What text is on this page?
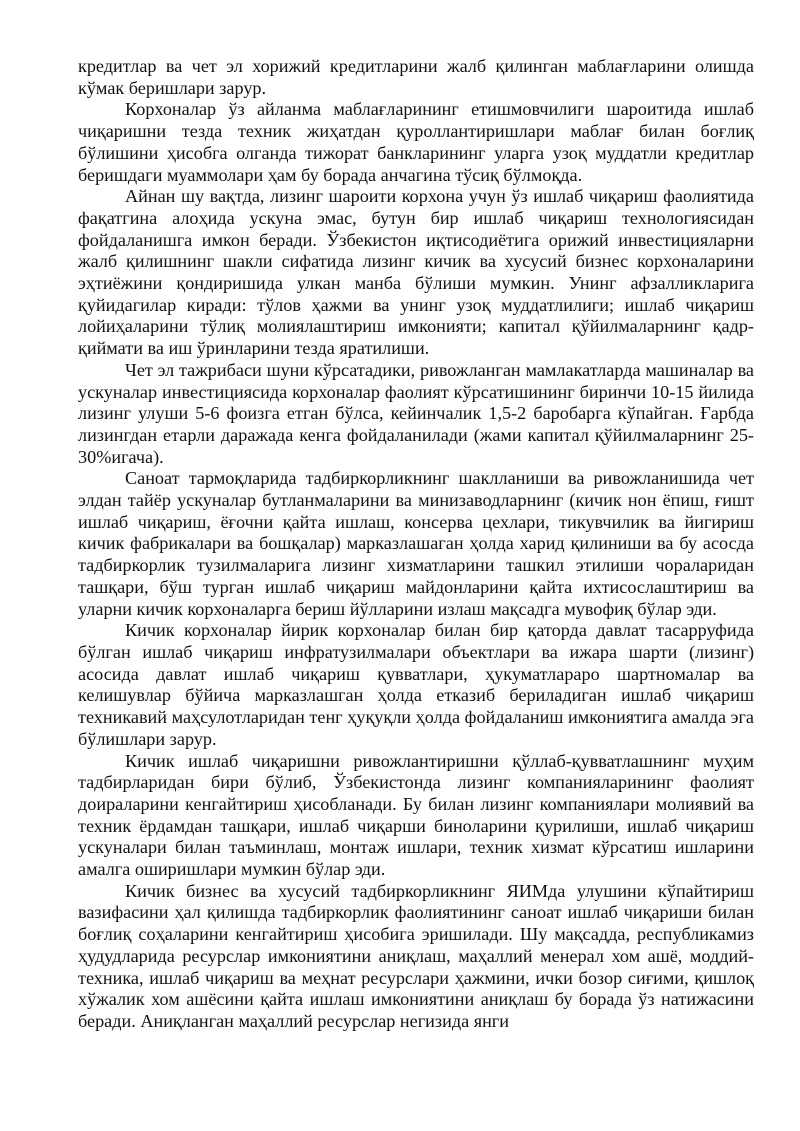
кредитлар ва чет эл хорижий кредитларини жалб қилинган маблағларини олишда кўмак беришлари зарур.

Корхоналар ўз айланма маблағларининг етишмовчилиги шароитида ишлаб чиқаришни тезда техник жиҳатдан қуроллантиришлари маблағ билан боғлиқ бўлишини ҳисобга олганда тижорат банкларининг уларга узоқ муддатли кредитлар беришдаги муаммолари ҳам бу борада анчагина тўсиқ бўлмоқда.

Айнан шу вақтда, лизинг шароити корхона учун ўз ишлаб чиқариш фаолиятида фақатгина алоҳида ускуна эмас, бутун бир ишлаб чиқариш технологиясидан фойдаланишга имкон беради. Ўзбекистон иқтисодиётига орижий инвестицияларни жалб қилишнинг шакли сифатида лизинг кичик ва хусусий бизнес корхоналарини эҳтиёжини қондиришида улкан манба бўлиши мумкин. Унинг афзалликларига қуйидагилар киради: тўлов ҳажми ва унинг узоқ муддатлилиги; ишлаб чиқариш лойиҳаларини тўлиқ молиялаштириш имконияти; капитал қўйилмаларнинг қадр-қиймати ва иш ўринларини тезда яратилиши.

Чет эл тажрибаси шуни кўрсатадики, ривожланган мамлакатларда машиналар ва ускуналар инвестициясида корхоналар фаолият кўрсатишининг биринчи 10-15 йилида лизинг улуши 5-6 фоизга етган бўлса, кейинчалик 1,5-2 баробарга кўпайган. Ғарбда лизингдан етарли даражада кенга фойдаланилади (жами капитал қўйилмаларнинг 25-30%игача).

Саноат тармоқларида тадбиркорликнинг шаклланиши ва ривожланишида чет элдан тайёр ускуналар бутланмаларини ва минизаводларнинг (кичик нон ёпиш, ғишт ишлаб чиқариш, ёғочни қайта ишлаш, консерва цехлари, тикувчилик ва йигириш кичик фабрикалари ва бошқалар) марказлашаган ҳолда харид қилиниши ва бу асосда тадбиркорлик тузилмаларига лизинг хизматларини ташкил этилиши чораларидан ташқари, бўш турган ишлаб чиқариш майдонларини қайта ихтисослаштириш ва уларни кичик корхоналарга бериш йўлларини излаш мақсадга мувофиқ бўлар эди.

Кичик корхоналар йирик корхоналар билан бир қаторда давлат тасарруфида бўлган ишлаб чиқариш инфратузилмалари объектлари ва ижара шарти (лизинг) асосида давлат ишлаб чиқариш қувватлари, ҳукуматлараро шартномалар ва келишувлар бўйича марказлашган ҳолда етказиб бериладиган ишлаб чиқариш техникавий маҳсулотларидан тенг ҳуқуқли ҳолда фойдаланиш имкониятига амалда эга бўлишлари зарур.

Кичик ишлаб чиқаришни ривожлантиришни қўллаб-қувватлашнинг муҳим тадбирларидан бири бўлиб, Ўзбекистонда лизинг компанияларининг фаолият доираларини кенгайтириш ҳисобланади. Бу билан лизинг компаниялари молиявий ва техник ёрдамдан ташқари, ишлаб чиқарши биноларини қурилиши, ишлаб чиқариш ускуналари билан таъминлаш, монтаж ишлари, техник хизмат кўрсатиш ишларини амалга оширишлари мумкин бўлар эди.

Кичик бизнес ва хусусий тадбиркорликнинг ЯИМда улушини кўпайтириш вазифасини ҳал қилишда тадбиркорлик фаолиятининг саноат ишлаб чиқариши билан боғлиқ соҳаларини кенгайтириш ҳисобига эришилади. Шу мақсадда, республикамиз ҳудудларида ресурслар имкониятини аниқлаш, маҳаллий менерал хом ашё, моддий-техника, ишлаб чиқариш ва меҳнат ресурслари ҳажмини, ички бозор сиғими, қишлоқ хўжалик хом ашёсини қайта ишлаш имкониятини аниқлаш бу борада ўз натижасини беради. Аниқланган маҳаллий ресурслар негизида янги
